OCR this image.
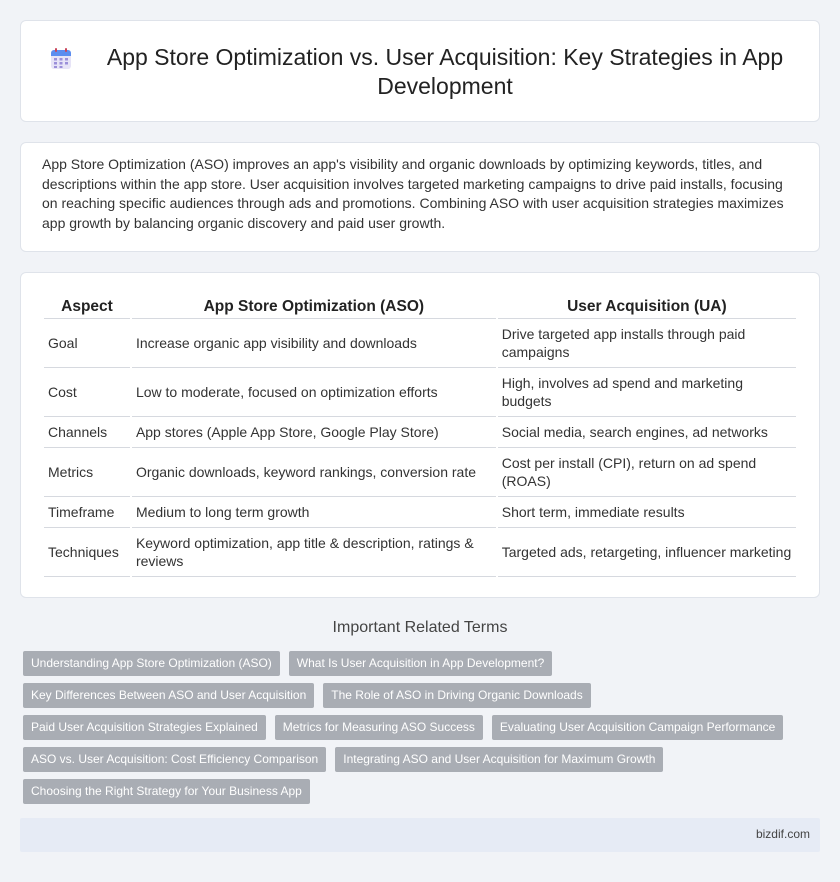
App Store Optimization vs. User Acquisition: Key Strategies in App Development

App Store Optimization (ASO) improves an app's visibility and organic downloads by optimizing keywords, titles, and descriptions within the app store. User acquisition involves targeted marketing campaigns to drive paid installs, focusing on reaching specific audiences through ads and promotions. Combining ASO with user acquisition strategies maximizes app growth by balancing organic discovery and paid user growth.

Aspect	App Store Optimization (ASO)	User Acquisition (UA)
Goal	Increase organic app visibility and downloads	Drive targeted app installs through paid campaigns
Cost	Low to moderate, focused on optimization efforts	High, involves ad spend and marketing budgets
Channels	App stores (Apple App Store, Google Play Store)	Social media, search engines, ad networks
Metrics	Organic downloads, keyword rankings, conversion rate	Cost per install (CPI), return on ad spend (ROAS)
Timeframe	Medium to long term growth	Short term, immediate results
Techniques	Keyword optimization, app title & description, ratings & reviews	Targeted ads, retargeting, influencer marketing
Important Related Terms
Understanding App Store Optimization (ASO)	What Is User Acquisition in App Development?
Key Differences Between ASO and User Acquisition	The Role of ASO in Driving Organic Downloads
Paid User Acquisition Strategies Explained	Metrics for Measuring ASO Success	Evaluating User Acquisition Campaign Performance
ASO vs. User Acquisition: Cost Efficiency Comparison	Integrating ASO and User Acquisition for Maximum Growth
Choosing the Right Strategy for Your Business App
bizdif.com
